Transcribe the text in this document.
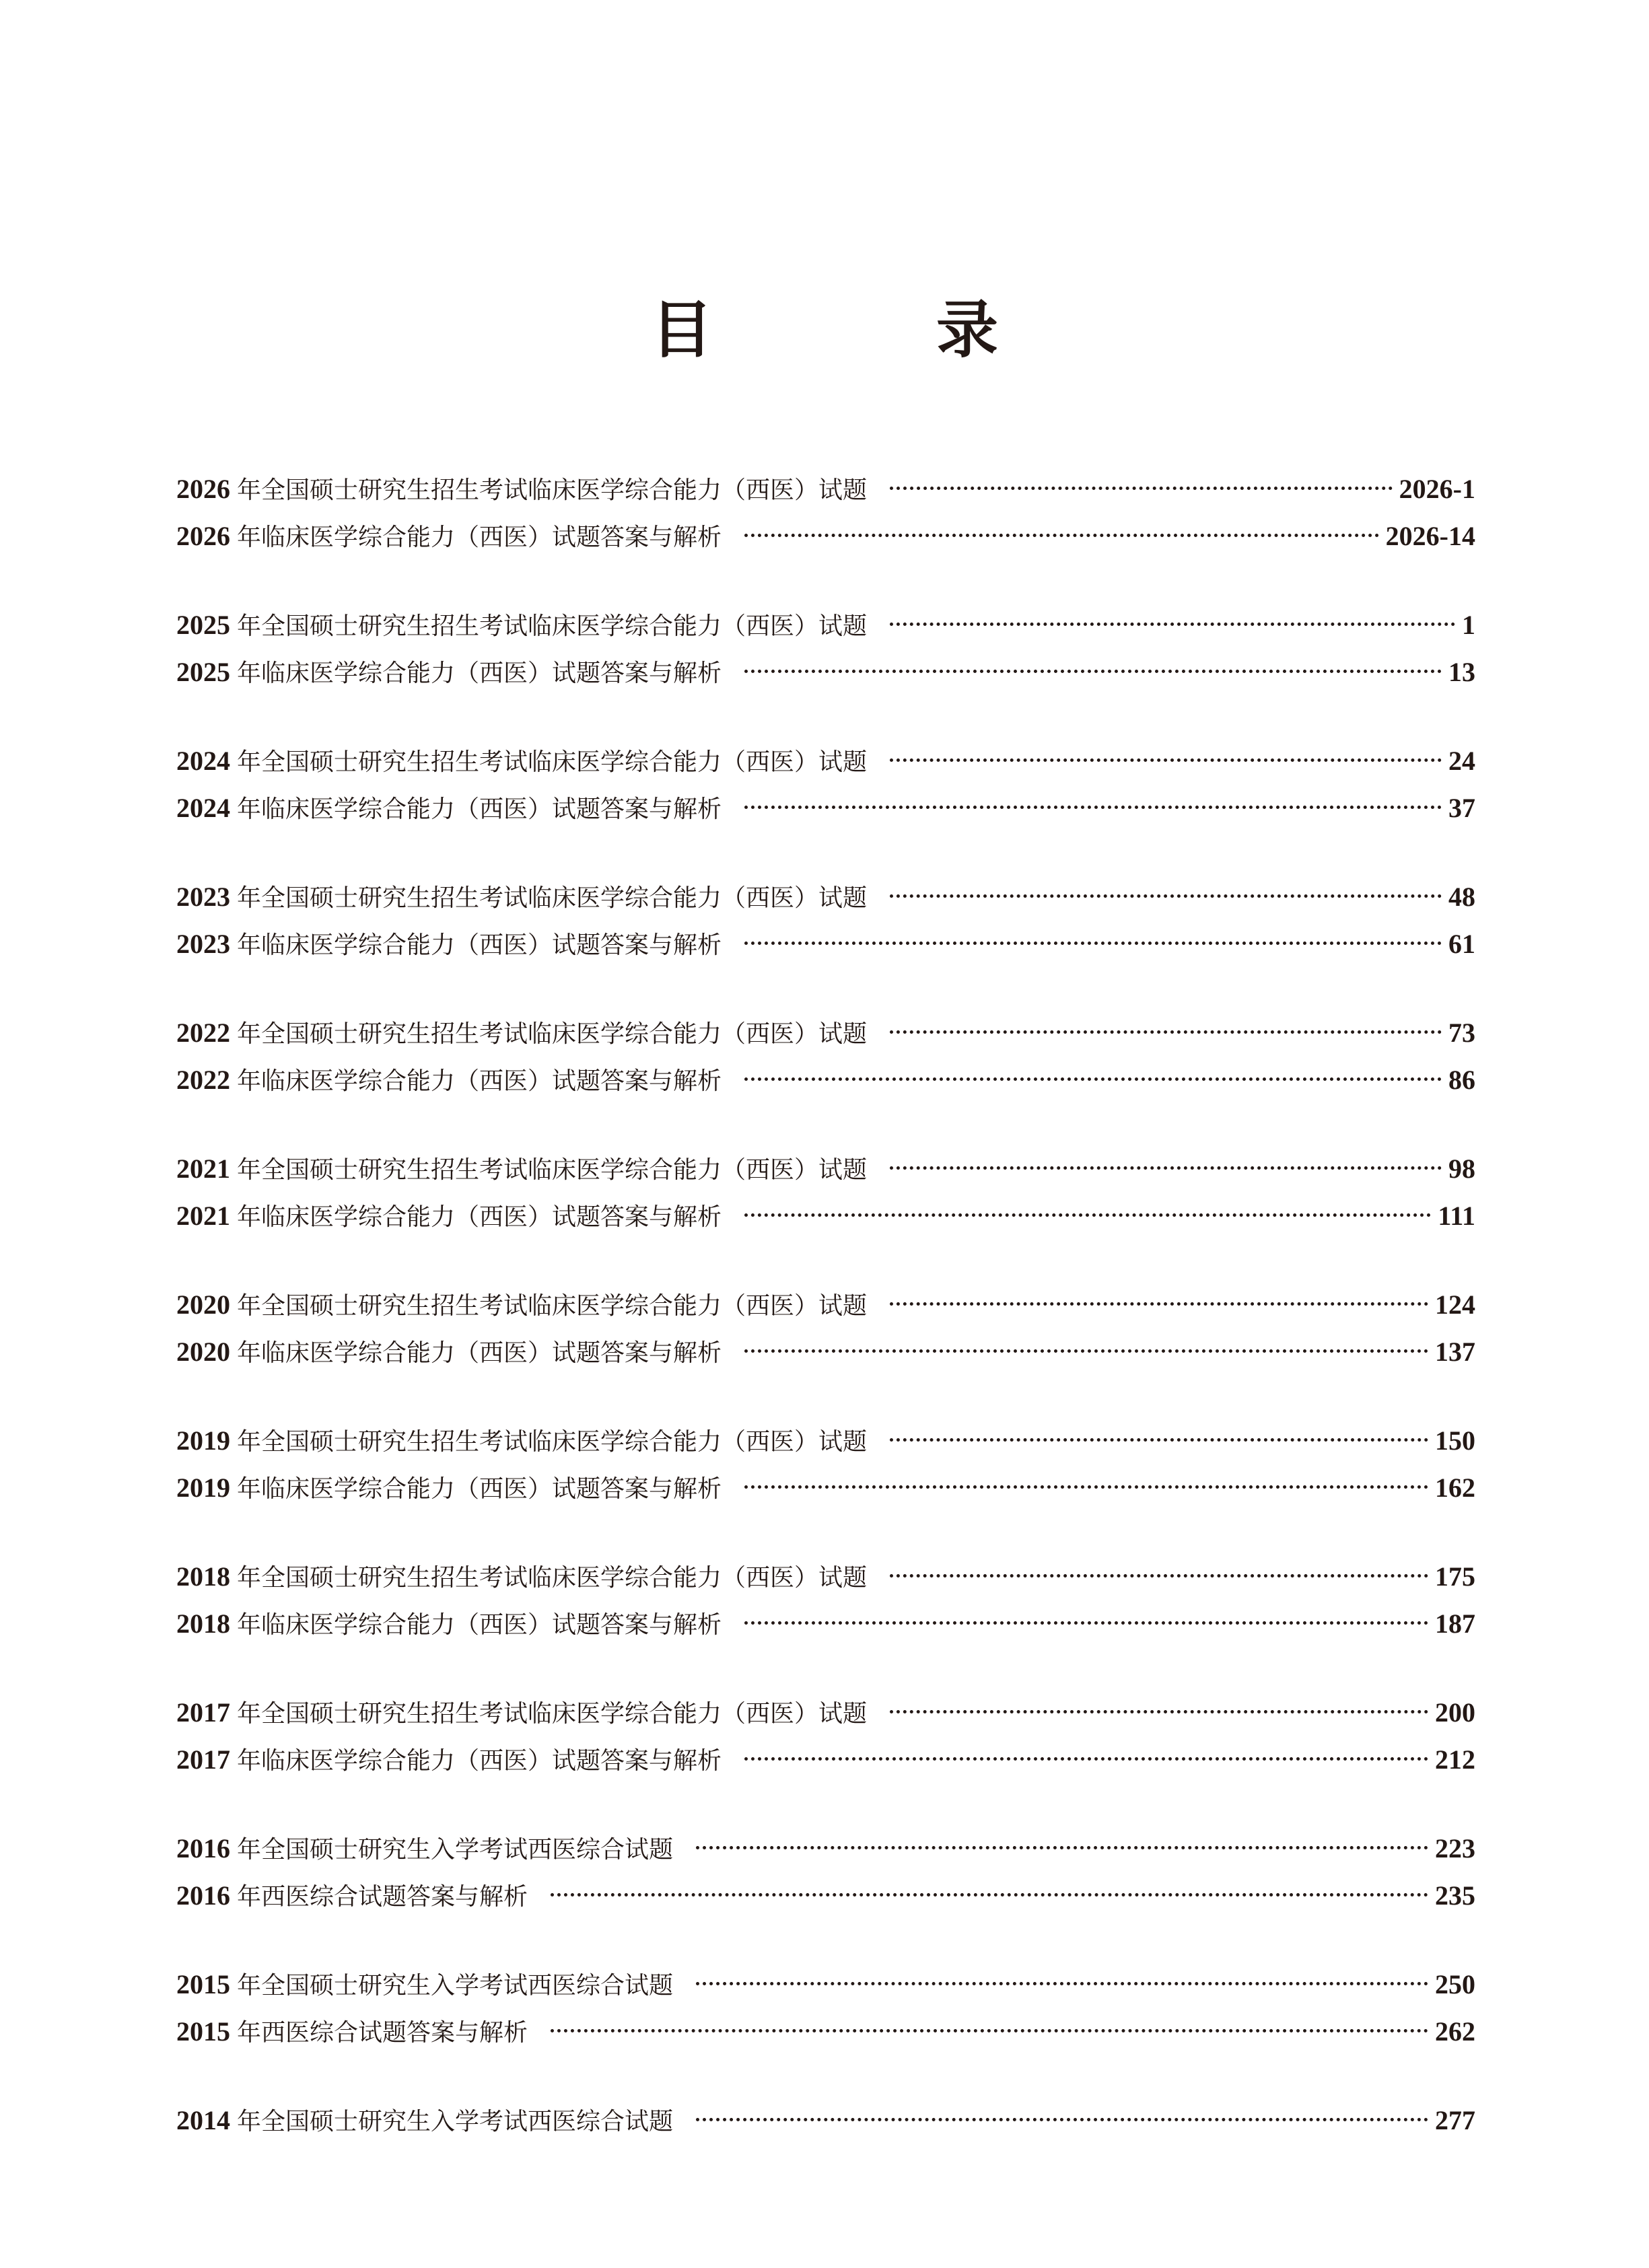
目 录
2026 年全国硕士研究生招生考试临床医学综合能力（西医）试题	2026-1
2026 年临床医学综合能力（西医）试题答案与解析	2026-14
2025 年全国硕士研究生招生考试临床医学综合能力（西医）试题	1
2025 年临床医学综合能力（西医）试题答案与解析	13
2024 年全国硕士研究生招生考试临床医学综合能力（西医）试题	24
2024 年临床医学综合能力（西医）试题答案与解析	37
2023 年全国硕士研究生招生考试临床医学综合能力（西医）试题	48
2023 年临床医学综合能力（西医）试题答案与解析	61
2022 年全国硕士研究生招生考试临床医学综合能力（西医）试题	73
2022 年临床医学综合能力（西医）试题答案与解析	86
2021 年全国硕士研究生招生考试临床医学综合能力（西医）试题	98
2021 年临床医学综合能力（西医）试题答案与解析	111
2020 年全国硕士研究生招生考试临床医学综合能力（西医）试题	124
2020 年临床医学综合能力（西医）试题答案与解析	137
2019 年全国硕士研究生招生考试临床医学综合能力（西医）试题	150
2019 年临床医学综合能力（西医）试题答案与解析	162
2018 年全国硕士研究生招生考试临床医学综合能力（西医）试题	175
2018 年临床医学综合能力（西医）试题答案与解析	187
2017 年全国硕士研究生招生考试临床医学综合能力（西医）试题	200
2017 年临床医学综合能力（西医）试题答案与解析	212
2016 年全国硕士研究生入学考试西医综合试题	223
2016 年西医综合试题答案与解析	235
2015 年全国硕士研究生入学考试西医综合试题	250
2015 年西医综合试题答案与解析	262
2014 年全国硕士研究生入学考试西医综合试题	277
